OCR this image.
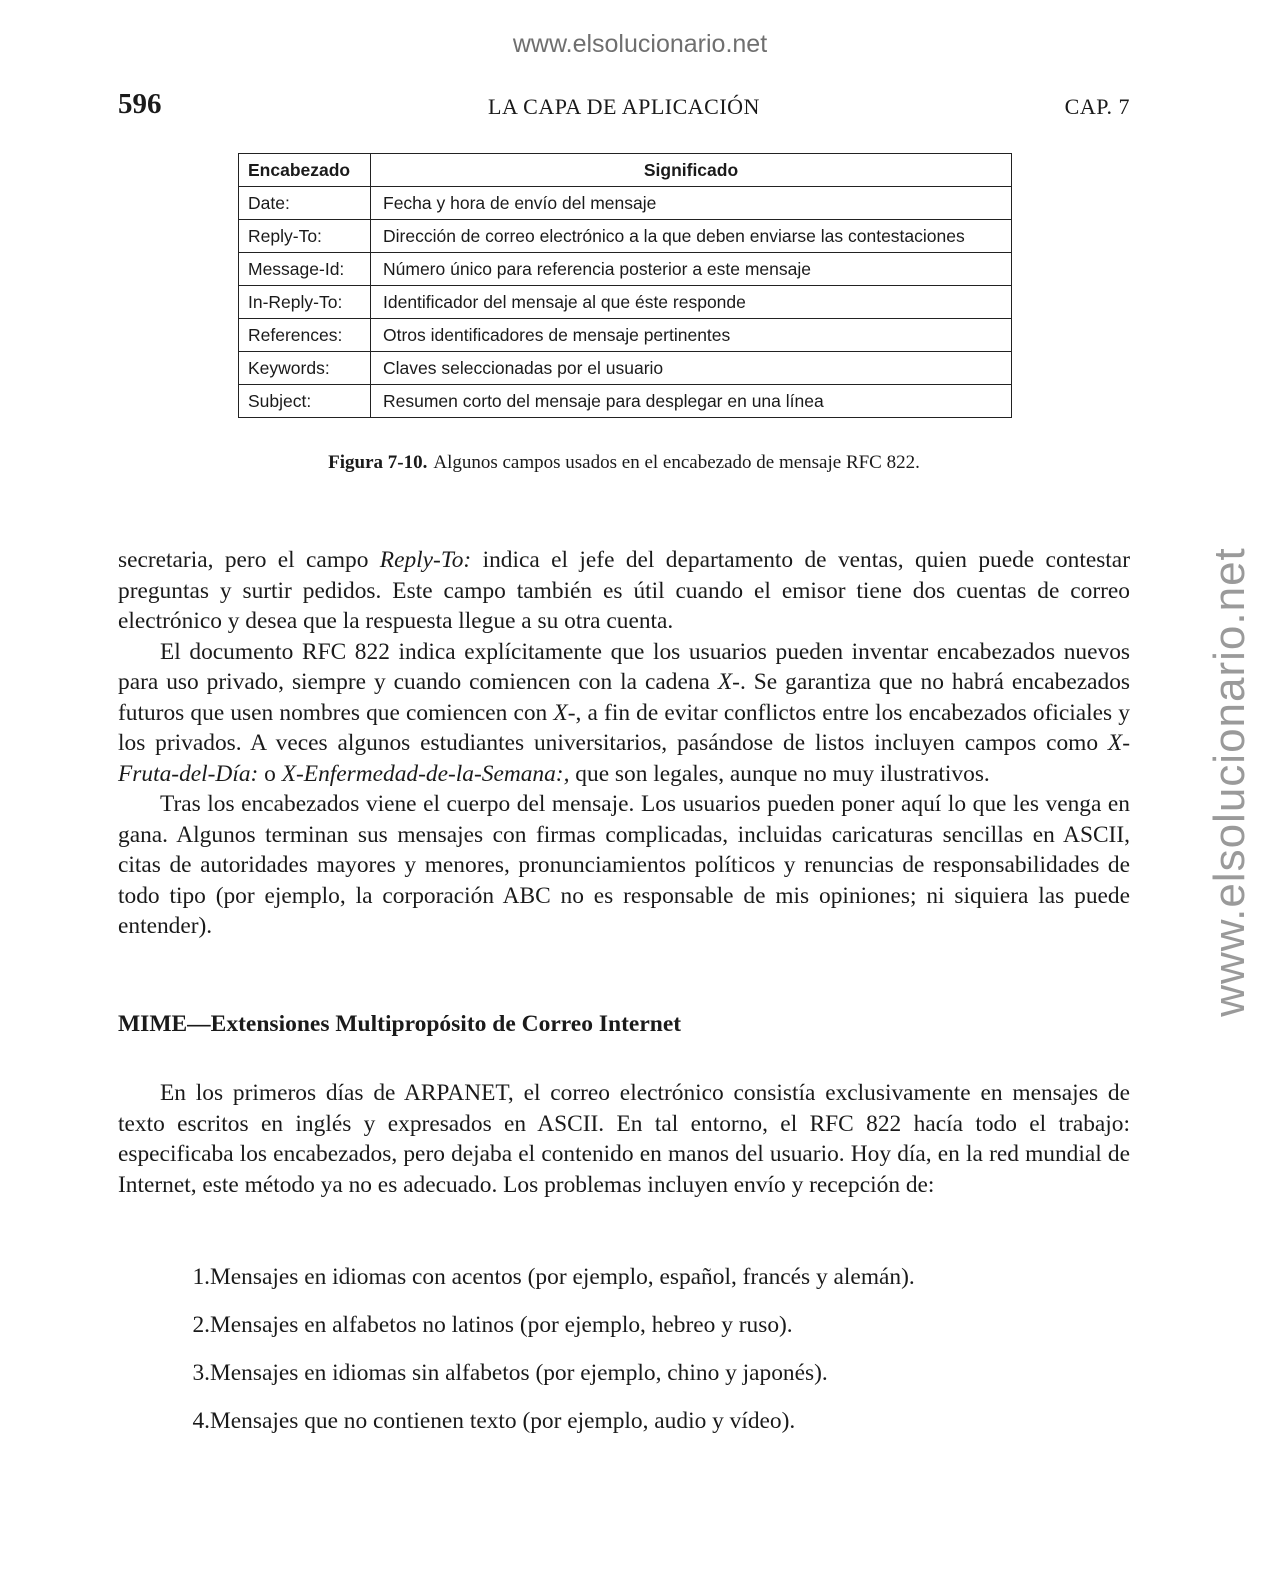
www.elsolucionario.net
www.elsolucionario.net
596	LA CAPA DE APLICACIÓN	CAP. 7
Encabezado	Significado
Date:	Fecha y hora de envío del mensaje
Reply-To:	Dirección de correo electrónico a la que deben enviarse las contestaciones
Message-Id:	Número único para referencia posterior a este mensaje
In-Reply-To:	Identificador del mensaje al que éste responde
References:	Otros identificadores de mensaje pertinentes
Keywords:	Claves seleccionadas por el usuario
Subject:	Resumen corto del mensaje para desplegar en una línea
Figura 7-10. Algunos campos usados en el encabezado de mensaje RFC 822.

secretaria, pero el campo Reply-To: indica el jefe del departamento de ventas, quien puede contestar preguntas y surtir pedidos. Este campo también es útil cuando el emisor tiene dos cuentas de correo electrónico y desea que la respuesta llegue a su otra cuenta.

El documento RFC 822 indica explícitamente que los usuarios pueden inventar encabezados nuevos para uso privado, siempre y cuando comiencen con la cadena X-. Se garantiza que no habrá encabezados futuros que usen nombres que comiencen con X-, a fin de evitar conflictos entre los encabezados oficiales y los privados. A veces algunos estudiantes universitarios, pasándose de listos incluyen campos como X-Fruta-del-Día: o X-Enfermedad-de-la-Semana:, que son legales, aunque no muy ilustrativos.

Tras los encabezados viene el cuerpo del mensaje. Los usuarios pueden poner aquí lo que les venga en gana. Algunos terminan sus mensajes con firmas complicadas, incluidas caricaturas sencillas en ASCII, citas de autoridades mayores y menores, pronunciamientos políticos y renuncias de responsabilidades de todo tipo (por ejemplo, la corporación ABC no es responsable de mis opiniones; ni siquiera las puede entender).

MIME—Extensiones Multipropósito de Correo Internet

En los primeros días de ARPANET, el correo electrónico consistía exclusivamente en mensajes de texto escritos en inglés y expresados en ASCII. En tal entorno, el RFC 822 hacía todo el trabajo: especificaba los encabezados, pero dejaba el contenido en manos del usuario. Hoy día, en la red mundial de Internet, este método ya no es adecuado. Los problemas incluyen envío y recepción de:

1. Mensajes en idiomas con acentos (por ejemplo, español, francés y alemán).
2. Mensajes en alfabetos no latinos (por ejemplo, hebreo y ruso).
3. Mensajes en idiomas sin alfabetos (por ejemplo, chino y japonés).
4. Mensajes que no contienen texto (por ejemplo, audio y vídeo).
